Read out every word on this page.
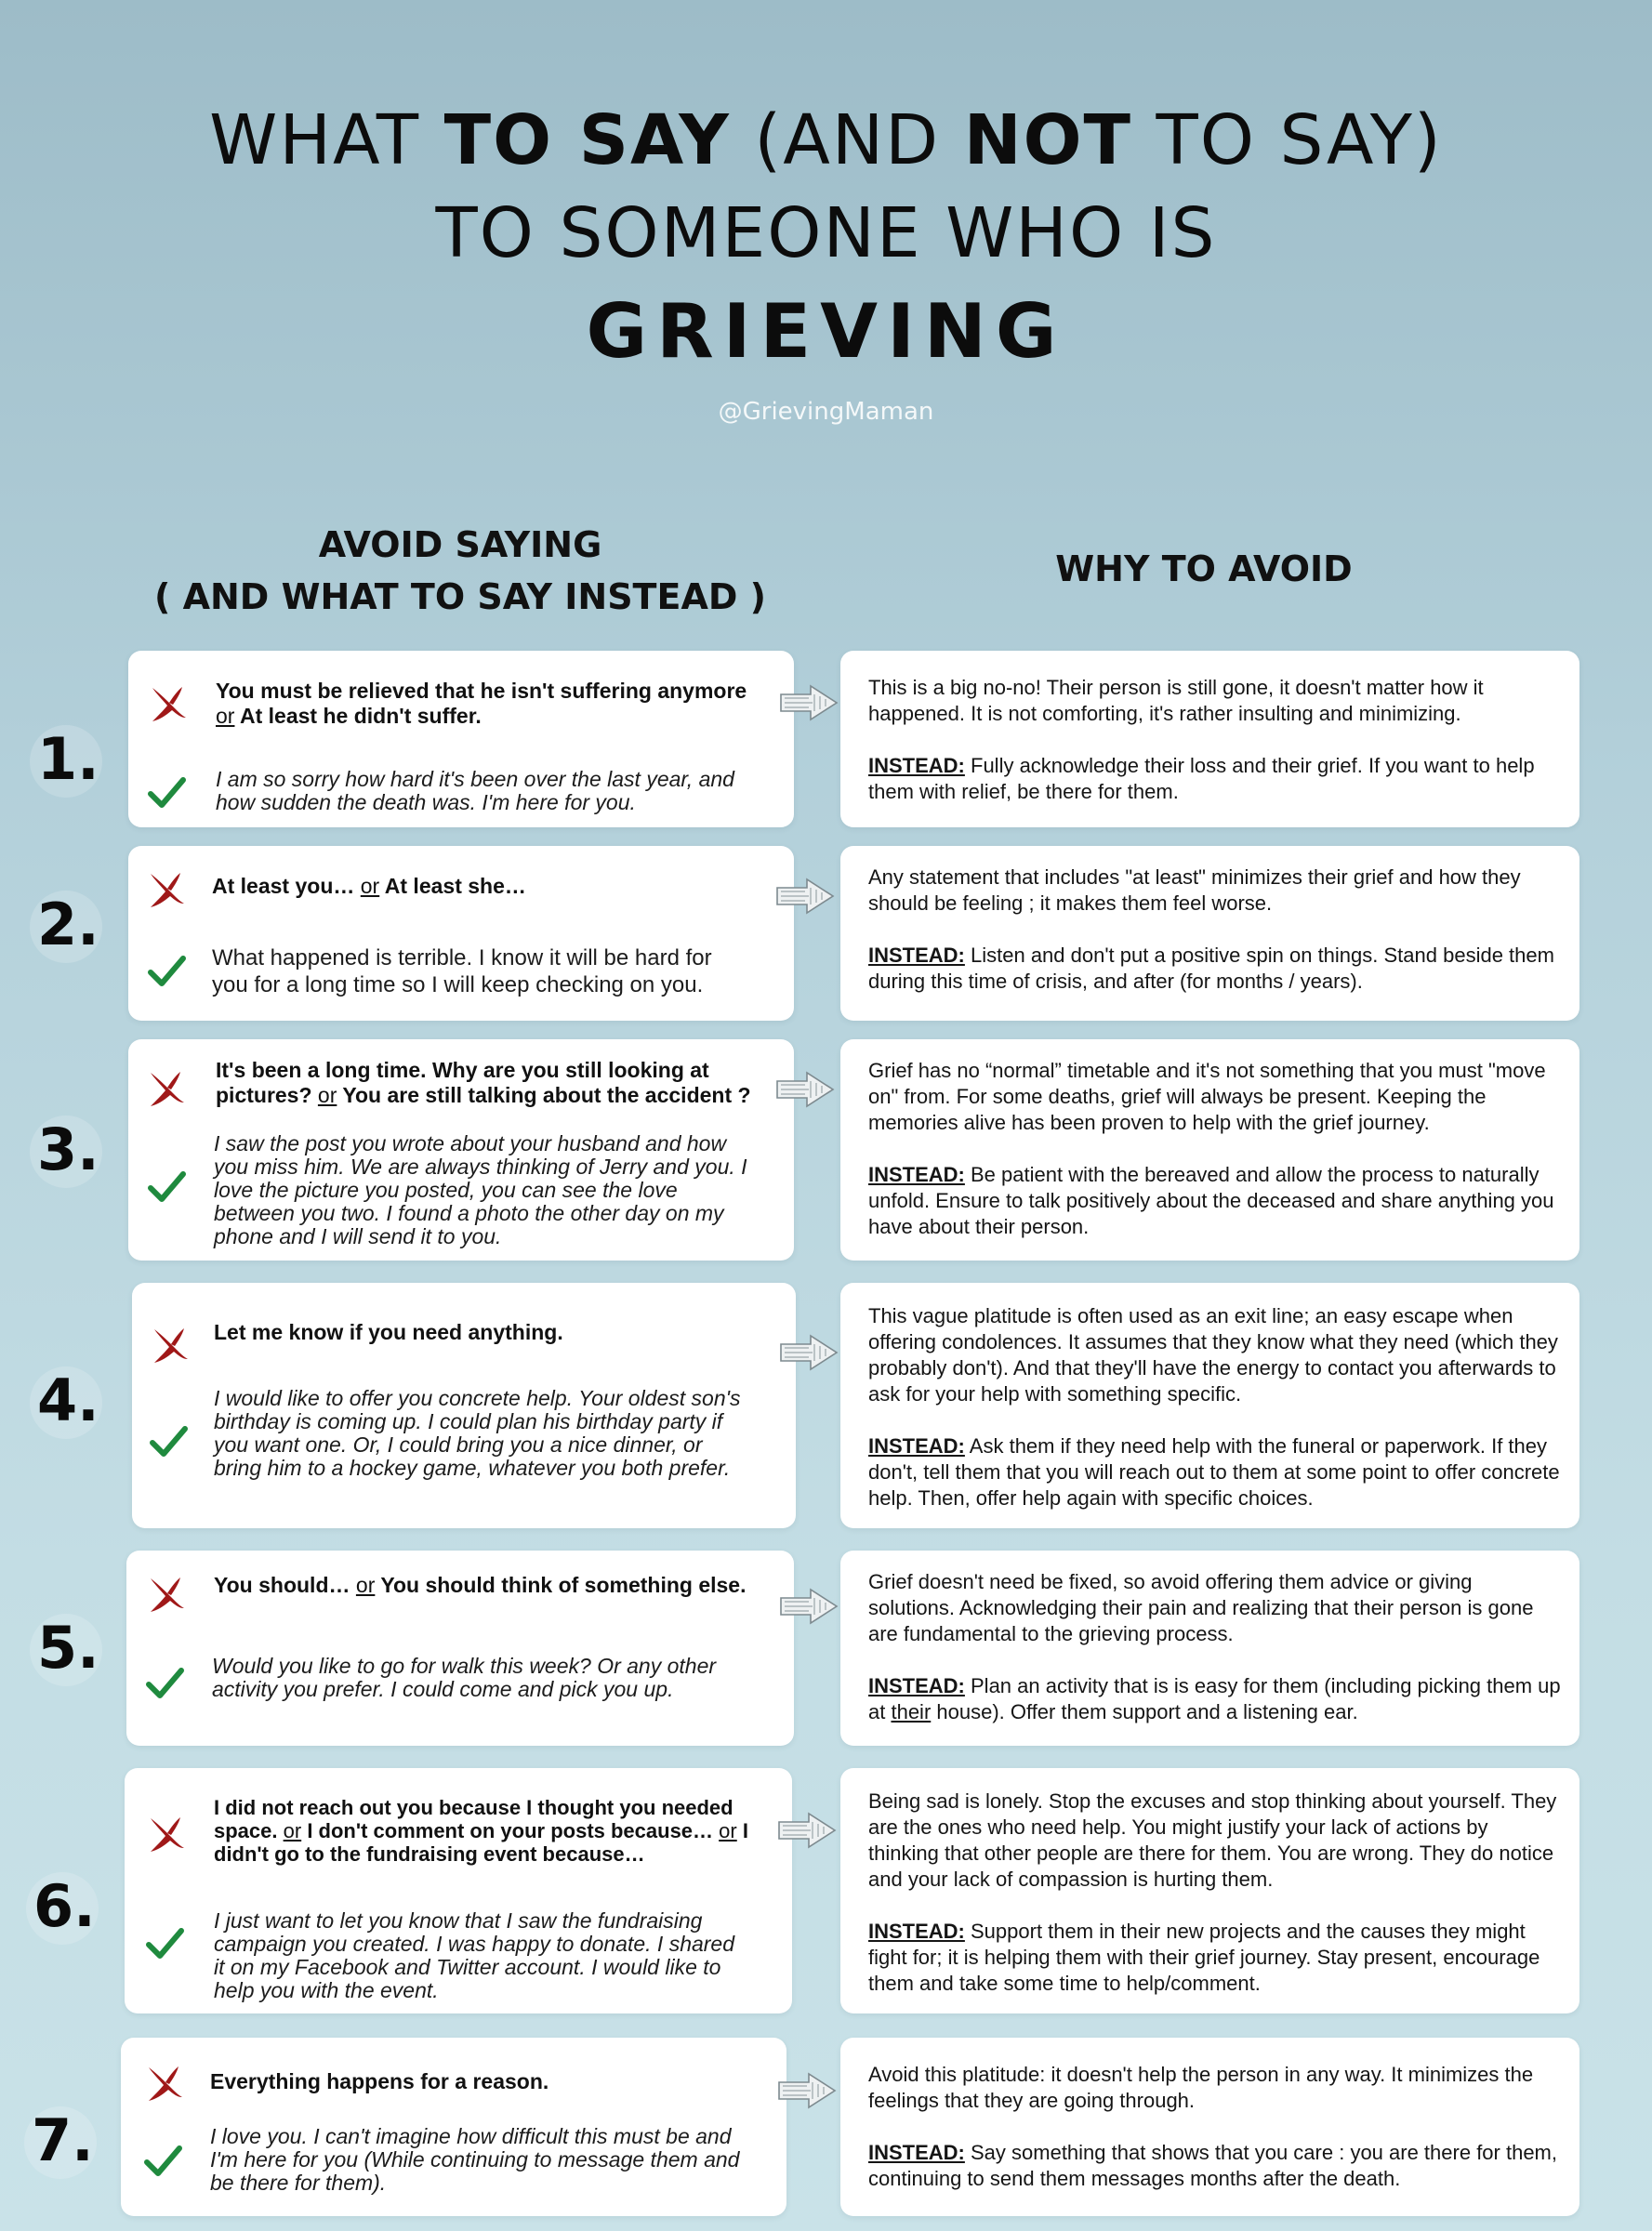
WHAT TO SAY (AND NOT TO SAY)
TO SOMEONE WHO IS
GRIEVING
@GrievingMaman
AVOID SAYING
( AND WHAT TO SAY INSTEAD )
WHY TO AVOID
1.
You must be relieved that he isn't suffering anymore
or At least he didn't suffer.
I am so sorry how hard it's been over the last year, and how sudden the death was. I'm here for you.

This is a big no-no! Their person is still gone, it doesn't matter how it happened. It is not comforting, it's rather insulting and minimizing.

INSTEAD: Fully acknowledge their loss and their grief. If you want to help them with relief, be there for them.

2.
At least you… or At least she…
What happened is terrible. I know it will be hard for you for a long time so I will keep checking on you.

Any statement that includes "at least" minimizes their grief and how they should be feeling ; it makes them feel worse.

INSTEAD: Listen and don't put a positive spin on things. Stand beside them during this time of crisis, and after (for months / years).

3.
It's been a long time. Why are you still looking at pictures? or You are still talking about the accident ?
I saw the post you wrote about your husband and how you miss him. We are always thinking of Jerry and you. I love the picture you posted, you can see the love between you two. I found a photo the other day on my phone and I will send it to you.

Grief has no “normal” timetable and it's not something that you must "move on" from. For some deaths, grief will always be present. Keeping the memories alive has been proven to help with the grief journey.

INSTEAD: Be patient with the bereaved and allow the process to naturally unfold. Ensure to talk positively about the deceased and share anything you have about their person.

4.
Let me know if you need anything.
I would like to offer you concrete help. Your oldest son's birthday is coming up. I could plan his birthday party if you want one. Or, I could bring you a nice dinner, or bring him to a hockey game, whatever you both prefer.

This vague platitude is often used as an exit line; an easy escape when offering condolences. It assumes that they know what they need (which they probably don't). And that they'll have the energy to contact you afterwards to ask for your help with something specific.

INSTEAD: Ask them if they need help with the funeral or paperwork. If they don't, tell them that you will reach out to them at some point to offer concrete help. Then, offer help again with specific choices.

5.
You should… or You should think of something else.
Would you like to go for walk this week? Or any other activity you prefer. I could come and pick you up.

Grief doesn't need be fixed, so avoid offering them advice or giving solutions. Acknowledging their pain and realizing that their person is gone are fundamental to the grieving process.

INSTEAD: Plan an activity that is is easy for them (including picking them up at their house). Offer them support and a listening ear.

6.
I did not reach out you because I thought you needed space. or I don't comment on your posts because… or I didn't go to the fundraising event because…
I just want to let you know that I saw the fundraising campaign you created. I was happy to donate. I shared it on my Facebook and Twitter account. I would like to help you with the event.

Being sad is lonely. Stop the excuses and stop thinking about yourself. They are the ones who need help. You might justify your lack of actions by thinking that other people are there for them. You are wrong. They do notice and your lack of compassion is hurting them.

INSTEAD: Support them in their new projects and the causes they might fight for; it is helping them with their grief journey. Stay present, encourage them and take some time to help/comment.

7.
Everything happens for a reason.
I love you. I can't imagine how difficult this must be and I'm here for you (While continuing to message them and be there for them).

Avoid this platitude: it doesn't help the person in any way. It minimizes the feelings that they are going through.

INSTEAD: Say something that shows that you care : you are there for them, continuing to send them messages months after the death.
